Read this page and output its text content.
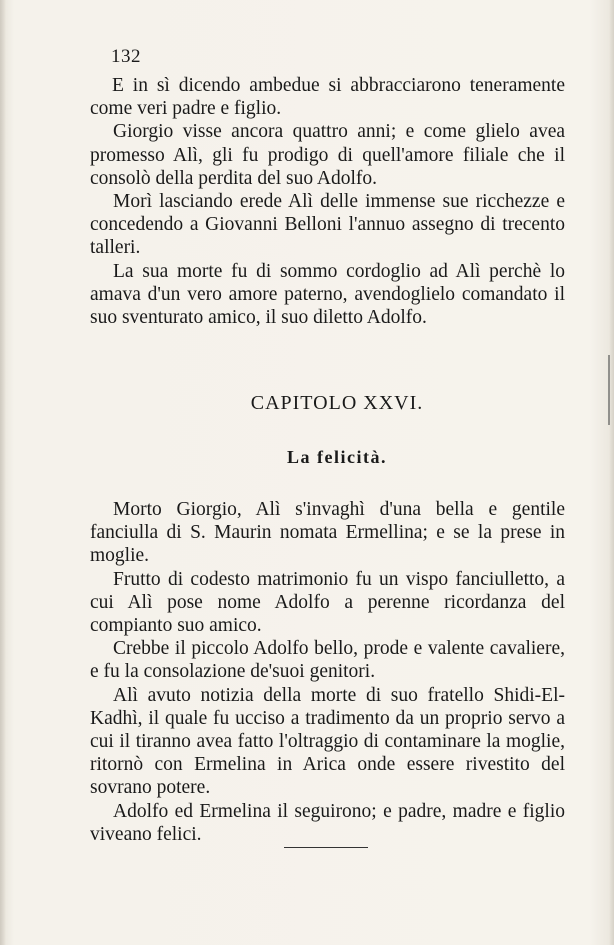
132

E in sì dicendo ambedue si abbracciarono teneramente come veri padre e figlio.

Giorgio visse ancora quattro anni; e come glielo avea promesso Alì, gli fu prodigo di quell'amore filiale che il consolò della perdita del suo Adolfo.

Morì lasciando erede Alì delle immense sue ricchezze e concedendo a Giovanni Belloni l'annuo assegno di trecento talleri.

La sua morte fu di sommo cordoglio ad Alì perchè lo amava d'un vero amore paterno, avendoglielo comandato il suo sventurato amico, il suo diletto Adolfo.

CAPITOLO XXVI.
La felicità.

Morto Giorgio, Alì s'invaghì d'una bella e gentile fanciulla di S. Maurin nomata Ermellina; e se la prese in moglie.

Frutto di codesto matrimonio fu un vispo fanciulletto, a cui Alì pose nome Adolfo a perenne ricordanza del compianto suo amico.

Crebbe il piccolo Adolfo bello, prode e valente cavaliere, e fu la consolazione de'suoi genitori.

Alì avuto notizia della morte di suo fratello Shidi-El-Kadhì, il quale fu ucciso a tradimento da un proprio servo a cui il tiranno avea fatto l'oltraggio di contaminare la moglie, ritornò con Ermelina in Arica onde essere rivestito del sovrano potere.

Adolfo ed Ermelina il seguirono; e padre, madre e figlio viveano felici.
